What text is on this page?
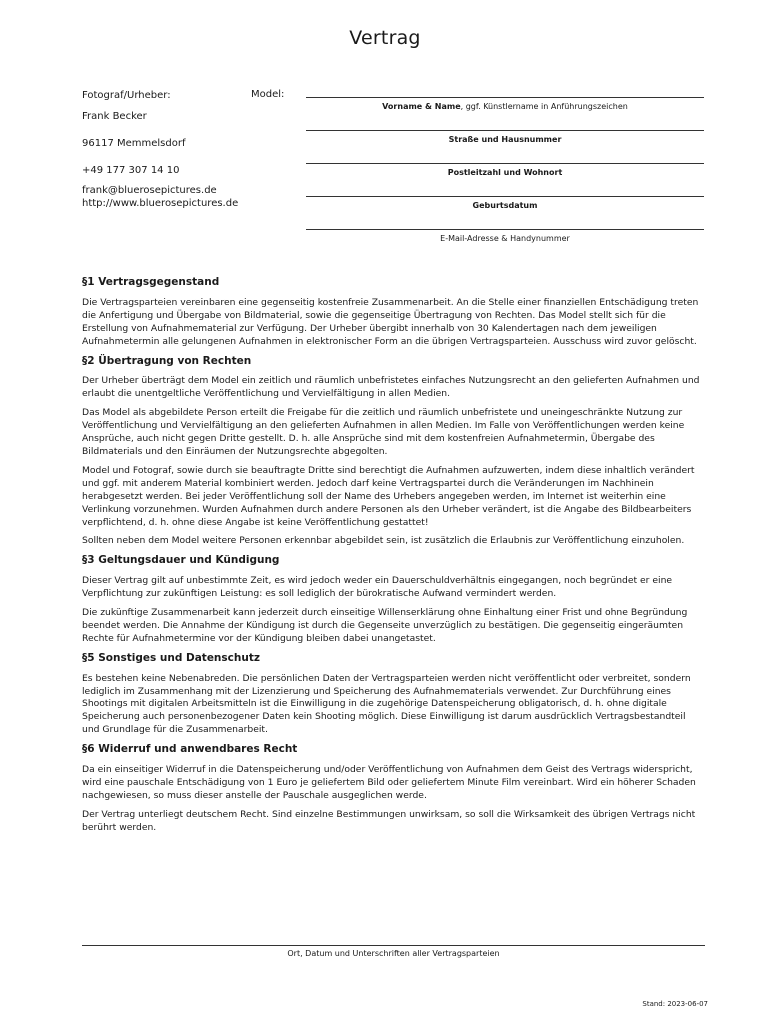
Vertrag
Fotograf/Urheber:
Frank Becker
96117 Memmelsdorf
+49 177 307 14 10
frank@bluerosepictures.de
http://www.bluerosepictures.de
Model:
Vorname & Name, ggf. Künstlername in Anführungszeichen
Straße und Hausnummer
Postleitzahl und Wohnort
Geburtsdatum
E-Mail-Adresse & Handynummer
§1 Vertragsgegenstand

Die Vertragsparteien vereinbaren eine gegenseitig kostenfreie Zusammenarbeit. An die Stelle einer finanziellen Entschädigung treten die Anfertigung und Übergabe von Bildmaterial, sowie die gegenseitige Übertragung von Rechten. Das Model stellt sich für die Erstellung von Aufnahmematerial zur Verfügung. Der Urheber übergibt innerhalb von 30 Kalendertagen nach dem jeweiligen Aufnahmetermin alle gelungenen Aufnahmen in elektronischer Form an die übrigen Vertragsparteien. Ausschuss wird zuvor gelöscht.

§2 Übertragung von Rechten

Der Urheber überträgt dem Model ein zeitlich und räumlich unbefristetes einfaches Nutzungsrecht an den gelieferten Aufnahmen und erlaubt die unentgeltliche Veröffentlichung und Vervielfältigung in allen Medien.

Das Model als abgebildete Person erteilt die Freigabe für die zeitlich und räumlich unbefristete und uneingeschränkte Nutzung zur Veröffentlichung und Vervielfältigung an den gelieferten Aufnahmen in allen Medien. Im Falle von Veröffentlichungen werden keine Ansprüche, auch nicht gegen Dritte gestellt. D. h. alle Ansprüche sind mit dem kostenfreien Aufnahmetermin, Übergabe des Bildmaterials und den Einräumen der Nutzungsrechte abgegolten.

Model und Fotograf, sowie durch sie beauftragte Dritte sind berechtigt die Aufnahmen aufzuwerten, indem diese inhaltlich verändert und ggf. mit anderem Material kombiniert werden. Jedoch darf keine Vertragspartei durch die Veränderungen im Nachhinein herabgesetzt werden. Bei jeder Veröffentlichung soll der Name des Urhebers angegeben werden, im Internet ist weiterhin eine Verlinkung vorzunehmen. Wurden Aufnahmen durch andere Personen als den Urheber verändert, ist die Angabe des Bildbearbeiters verpflichtend, d. h. ohne diese Angabe ist keine Veröffentlichung gestattet!

Sollten neben dem Model weitere Personen erkennbar abgebildet sein, ist zusätzlich die Erlaubnis zur Veröffentlichung einzuholen.

§3 Geltungsdauer und Kündigung

Dieser Vertrag gilt auf unbestimmte Zeit, es wird jedoch weder ein Dauerschuldverhältnis eingegangen, noch begründet er eine Verpflichtung zur zukünftigen Leistung: es soll lediglich der bürokratische Aufwand vermindert werden.

Die zukünftige Zusammenarbeit kann jederzeit durch einseitige Willenserklärung ohne Einhaltung einer Frist und ohne Begründung beendet werden. Die Annahme der Kündigung ist durch die Gegenseite unverzüglich zu bestätigen. Die gegenseitig eingeräumten Rechte für Aufnahmetermine vor der Kündigung bleiben dabei unangetastet.

§5 Sonstiges und Datenschutz

Es bestehen keine Nebenabreden. Die persönlichen Daten der Vertragsparteien werden nicht veröffentlicht oder verbreitet, sondern lediglich im Zusammenhang mit der Lizenzierung und Speicherung des Aufnahmematerials verwendet. Zur Durchführung eines Shootings mit digitalen Arbeitsmitteln ist die Einwilligung in die zugehörige Datenspeicherung obligatorisch, d. h. ohne digitale Speicherung auch personenbezogener Daten kein Shooting möglich. Diese Einwilligung ist darum ausdrücklich Vertragsbestandteil und Grundlage für die Zusammenarbeit.

§6 Widerruf und anwendbares Recht

Da ein einseitiger Widerruf in die Datenspeicherung und/oder Veröffentlichung von Aufnahmen dem Geist des Vertrags widerspricht, wird eine pauschale Entschädigung von 1 Euro je geliefertem Bild oder geliefertem Minute Film vereinbart. Wird ein höherer Schaden nachgewiesen, so muss dieser anstelle der Pauschale ausgeglichen werde.

Der Vertrag unterliegt deutschem Recht. Sind einzelne Bestimmungen unwirksam, so soll die Wirksamkeit des übrigen Vertrags nicht berührt werden.

Ort, Datum und Unterschriften aller Vertragsparteien
Stand: 2023-06-07
